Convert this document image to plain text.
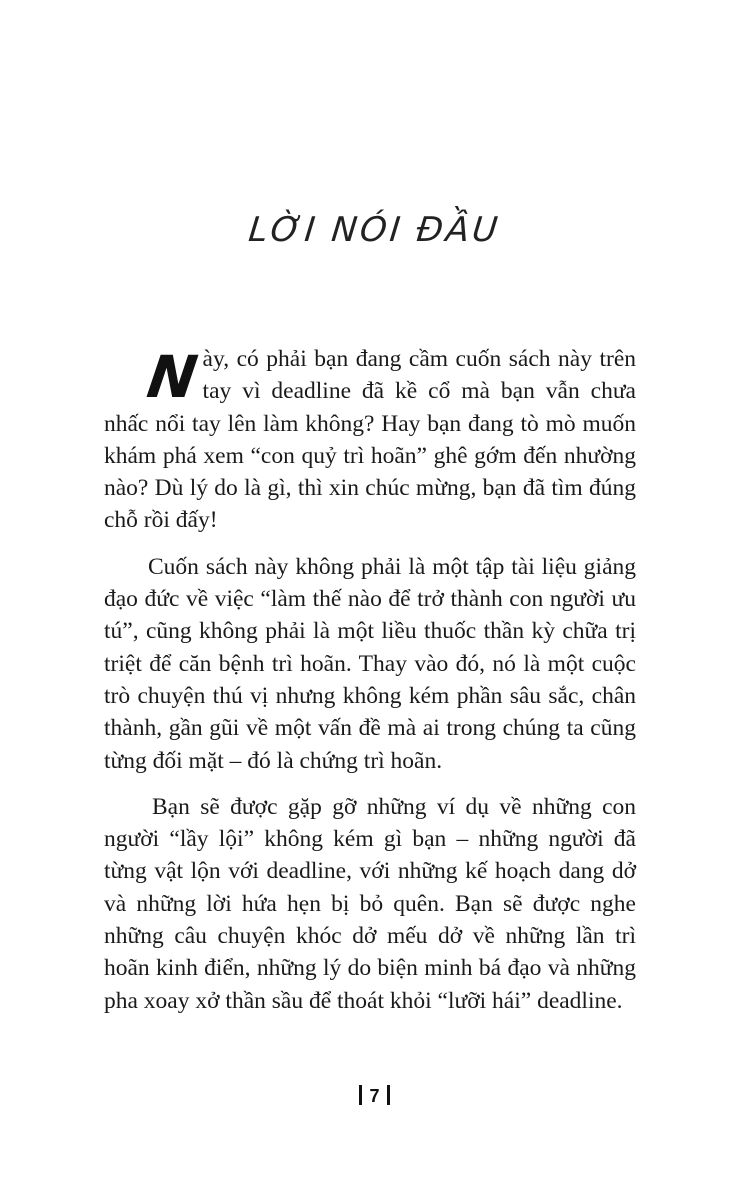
LỜI NÓI ĐẦU

Này, có phải bạn đang cầm cuốn sách này trên tay vì deadline đã kề cổ mà bạn vẫn chưa nhấc nổi tay lên làm không? Hay bạn đang tò mò muốn khám phá xem “con quỷ trì hoãn” ghê gớm đến nhường nào? Dù lý do là gì, thì xin chúc mừng, bạn đã tìm đúng chỗ rồi đấy!

Cuốn sách này không phải là một tập tài liệu giảng đạo đức về việc “làm thế nào để trở thành con người ưu tú”, cũng không phải là một liều thuốc thần kỳ chữa trị triệt để căn bệnh trì hoãn. Thay vào đó, nó là một cuộc trò chuyện thú vị nhưng không kém phần sâu sắc, chân thành, gần gũi về một vấn đề mà ai trong chúng ta cũng từng đối mặt – đó là chứng trì hoãn.

Bạn sẽ được gặp gỡ những ví dụ về những con người “lầy lội” không kém gì bạn – những người đã từng vật lộn với deadline, với những kế hoạch dang dở và những lời hứa hẹn bị bỏ quên. Bạn sẽ được nghe những câu chuyện khóc dở mếu dở về những lần trì hoãn kinh điển, những lý do biện minh bá đạo và những pha xoay xở thần sầu để thoát khỏi “lưỡi hái” deadline.

7
